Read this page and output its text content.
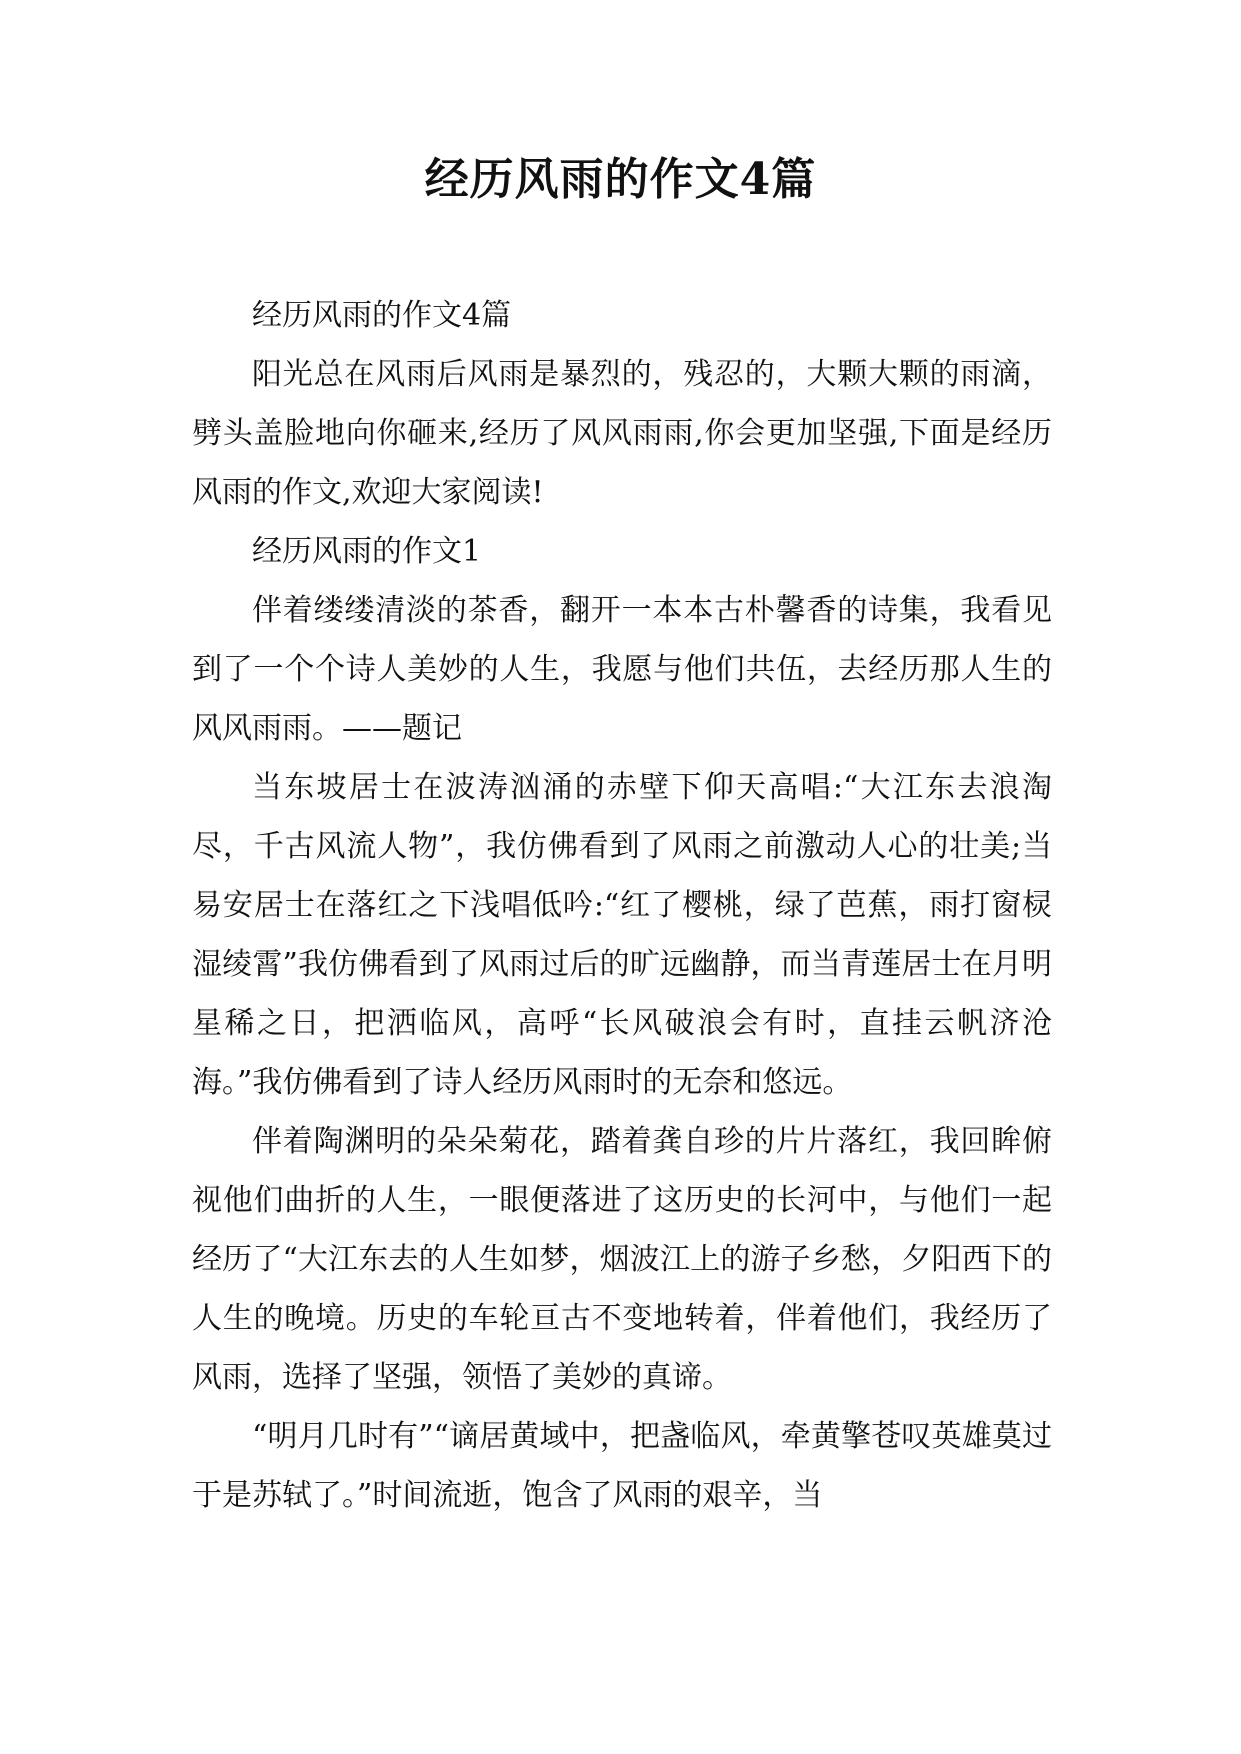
经历风雨的作文4篇

经历风雨的作文4篇

阳光总在风雨后风雨是暴烈的，残忍的，大颗大颗的雨滴，劈头盖脸地向你砸来,经历了风风雨雨,你会更加坚强,下面是经历风雨的作文,欢迎大家阅读!

经历风雨的作文1

伴着缕缕清淡的茶香，翻开一本本古朴馨香的诗集，我看见到了一个个诗人美妙的人生，我愿与他们共伍，去经历那人生的风风雨雨。——题记

当东坡居士在波涛汹涌的赤壁下仰天高唱:“大江东去浪淘尽，千古风流人物”，我仿佛看到了风雨之前激动人心的壮美;当易安居士在落红之下浅唱低吟:“红了樱桃，绿了芭蕉，雨打窗棂湿绫霄”我仿佛看到了风雨过后的旷远幽静，而当青莲居士在月明星稀之日，把洒临风，高呼“长风破浪会有时，直挂云帆济沧海。”我仿佛看到了诗人经历风雨时的无奈和悠远。

伴着陶渊明的朵朵菊花，踏着龚自珍的片片落红，我回眸俯视他们曲折的人生，一眼便落进了这历史的长河中，与他们一起经历了“大江东去的人生如梦，烟波江上的游子乡愁，夕阳西下的人生的晚境。历史的车轮亘古不变地转着，伴着他们，我经历了风雨，选择了坚强，领悟了美妙的真谛。

“明月几时有”“谪居黄域中，把盏临风，牵黄擎苍叹英雄莫过于是苏轼了。”时间流逝，饱含了风雨的艰辛，当
